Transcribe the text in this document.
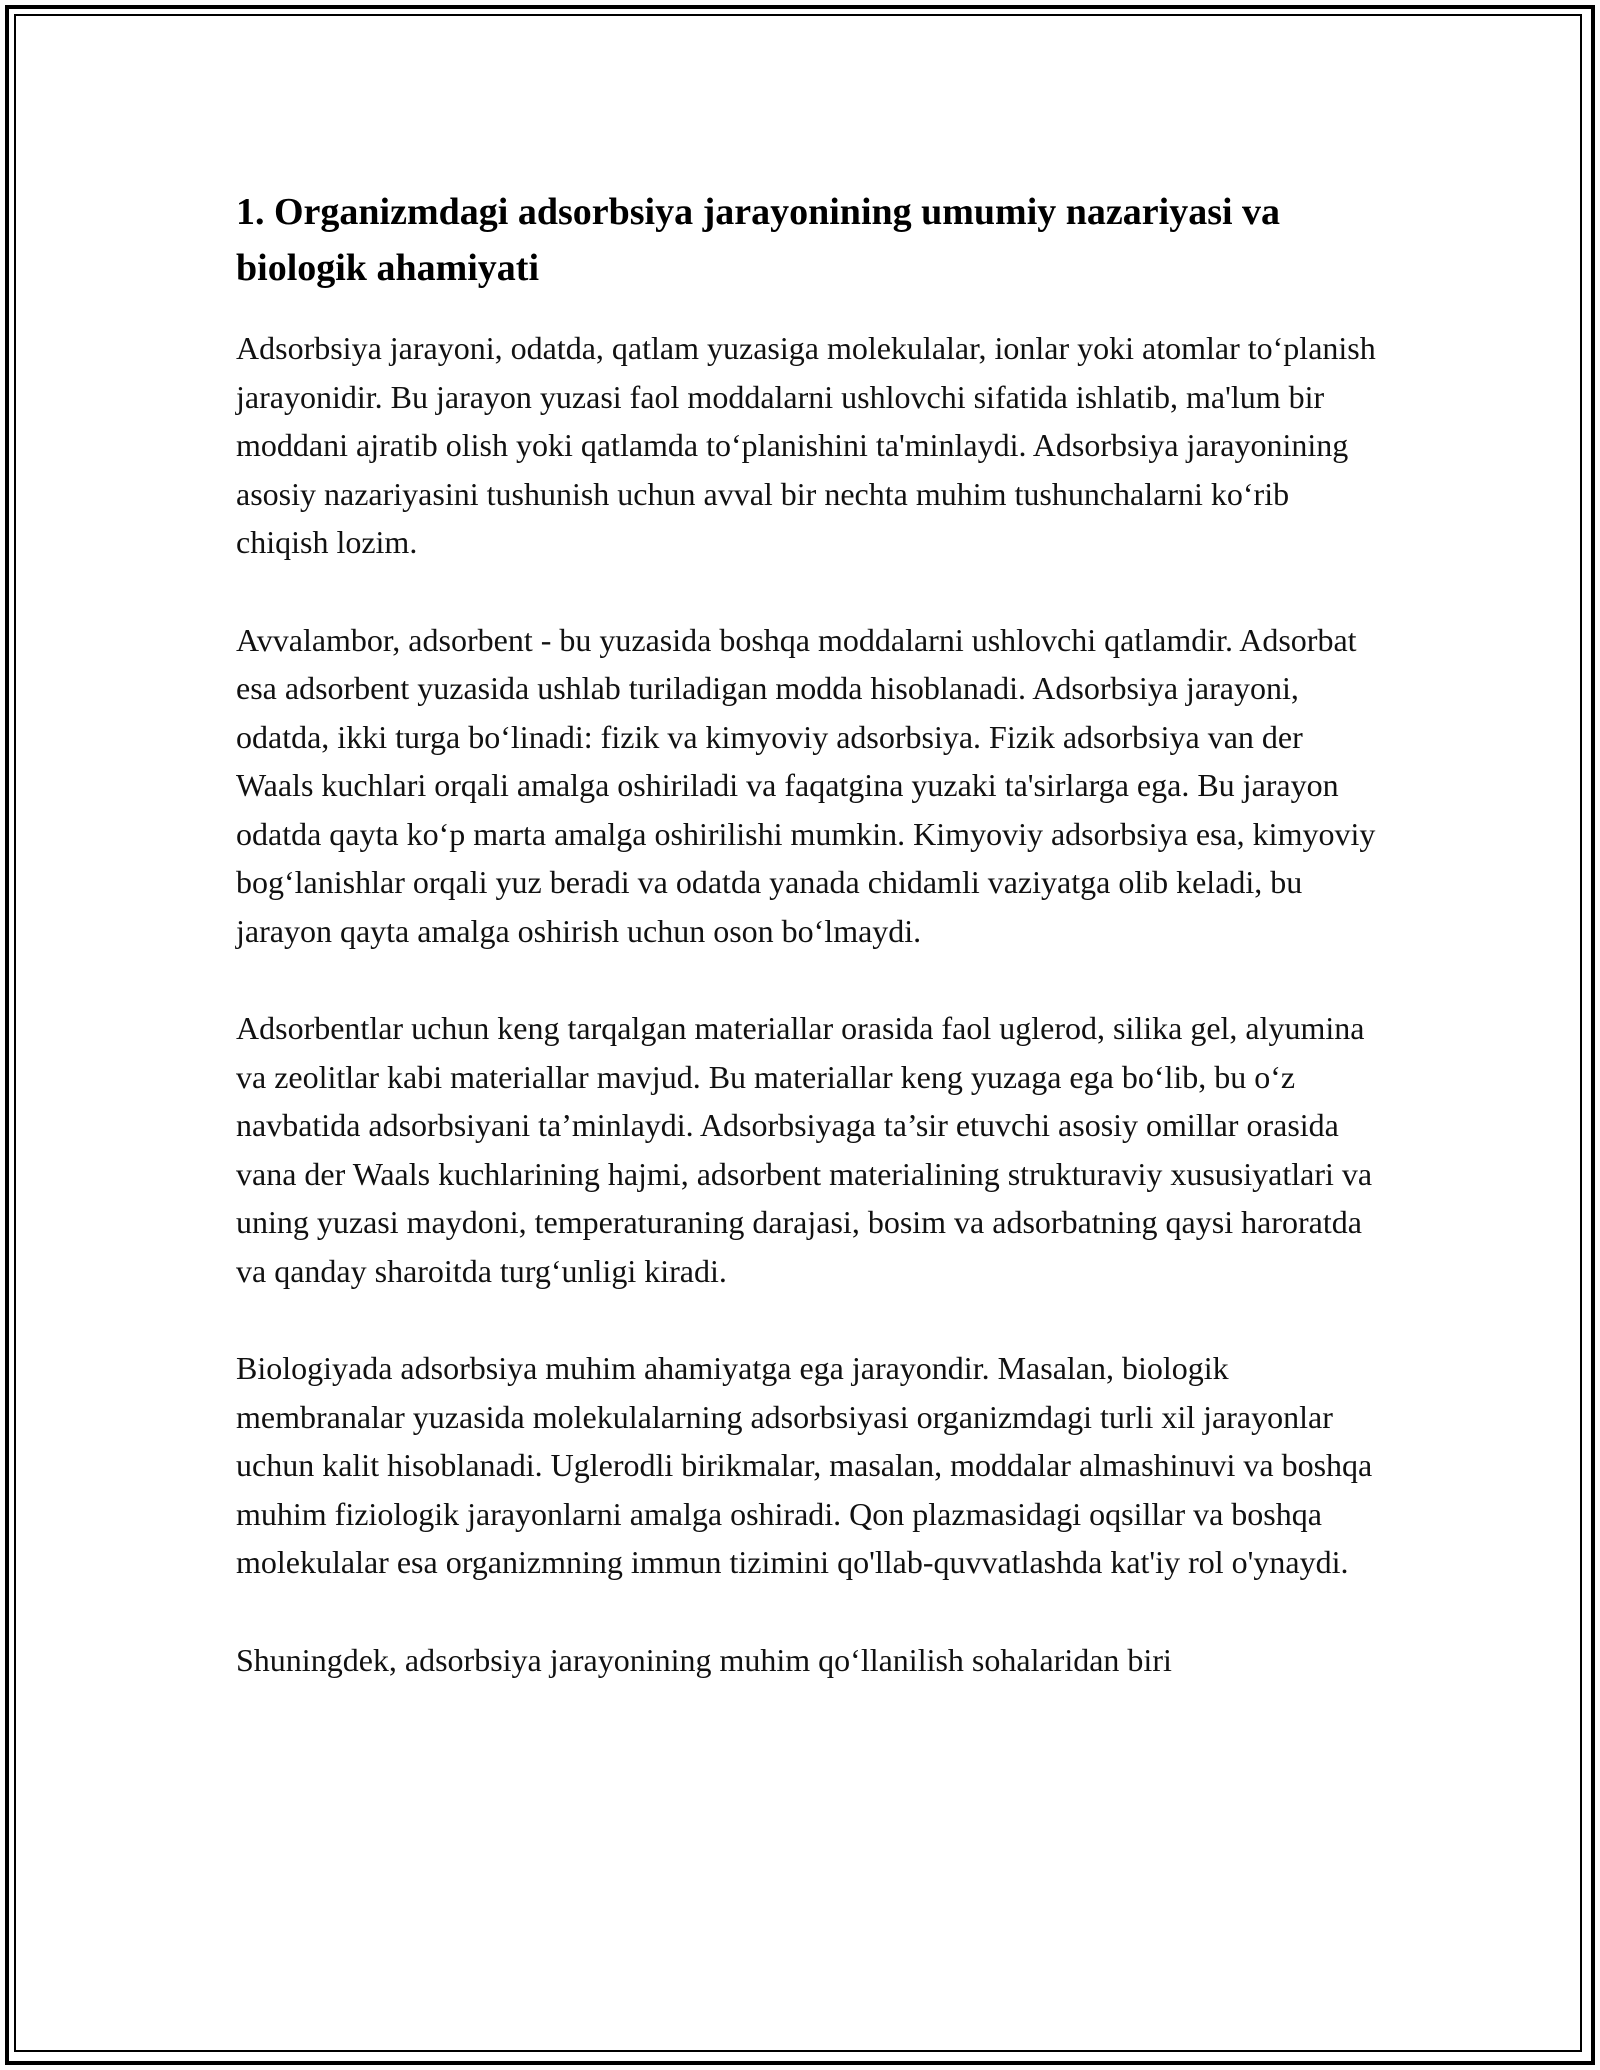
1. Organizmdagi adsorbsiya jarayonining umumiy nazariyasi va biologik ahamiyati

Adsorbsiya jarayoni, odatda, qatlam yuzasiga molekulalar, ionlar yoki atomlar to‘planish jarayonidir. Bu jarayon yuzasi faol moddalarni ushlovchi sifatida ishlatib, ma'lum bir moddani ajratib olish yoki qatlamda to‘planishini ta'minlaydi. Adsorbsiya jarayonining asosiy nazariyasini tushunish uchun avval bir nechta muhim tushunchalarni ko‘rib chiqish lozim.

Avvalambor, adsorbent - bu yuzasida boshqa moddalarni ushlovchi qatlamdir. Adsorbat esa adsorbent yuzasida ushlab turiladigan modda hisoblanadi. Adsorbsiya jarayoni, odatda, ikki turga bo‘linadi: fizik va kimyoviy adsorbsiya. Fizik adsorbsiya van der Waals kuchlari orqali amalga oshiriladi va faqatgina yuzaki ta'sirlarga ega. Bu jarayon odatda qayta ko‘p marta amalga oshirilishi mumkin. Kimyoviy adsorbsiya esa, kimyoviy bog‘lanishlar orqali yuz beradi va odatda yanada chidamli vaziyatga olib keladi, bu jarayon qayta amalga oshirish uchun oson bo‘lmaydi.

Adsorbentlar uchun keng tarqalgan materiallar orasida faol uglerod, silika gel, alyumina va zeolitlar kabi materiallar mavjud. Bu materiallar keng yuzaga ega bo‘lib, bu o‘z navbatida adsorbsiyani ta’minlaydi. Adsorbsiyaga ta’sir etuvchi asosiy omillar orasida vana der Waals kuchlarining hajmi, adsorbent materialining strukturaviy xususiyatlari va uning yuzasi maydoni, temperaturaning darajasi, bosim va adsorbatning qaysi haroratda va qanday sharoitda turg‘unligi kiradi.

Biologiyada adsorbsiya muhim ahamiyatga ega jarayondir. Masalan, biologik membranalar yuzasida molekulalarning adsorbsiyasi organizmdagi turli xil jarayonlar uchun kalit hisoblanadi. Uglerodli birikmalar, masalan, moddalar almashinuvi va boshqa muhim fiziologik jarayonlarni amalga oshiradi. Qon plazmasidagi oqsillar va boshqa molekulalar esa organizmning immun tizimini qo'llab-quvvatlashda kat'iy rol o'ynaydi.

Shuningdek, adsorbsiya jarayonining muhim qo‘llanilish sohalaridan biri
